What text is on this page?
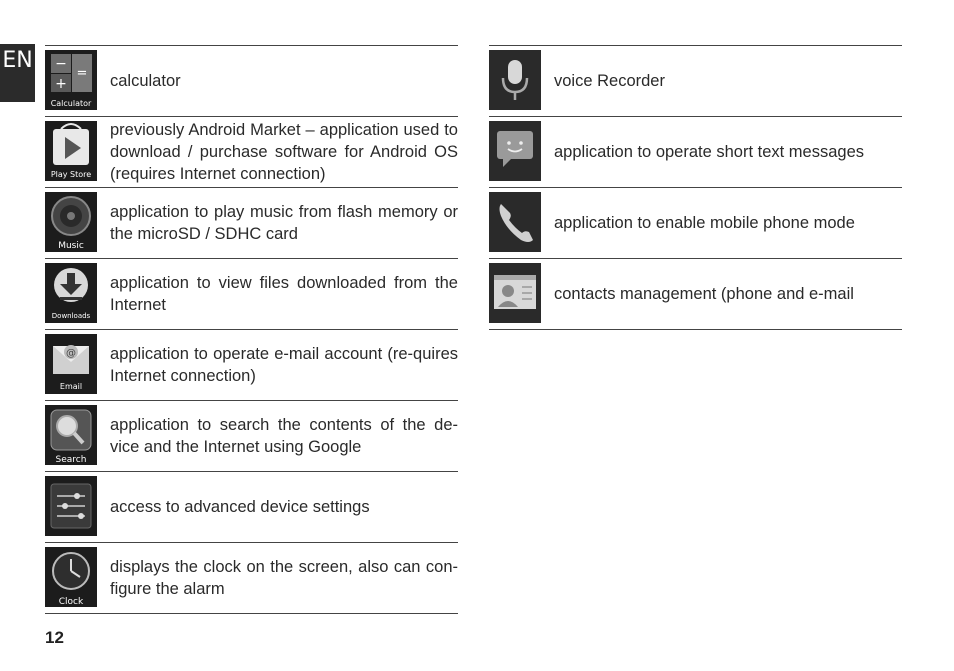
EN −
=
+
Calculator
calculator
Play Store
previously Android Market – application used to download / purchase software for Android OS (requires Internet connection)
Music
application to play music from flash memory or the microSD / SDHC card
Downloads
application to view files downloaded from the Internet
@
Email
application to operate e-mail account (re-quires Internet connection)
Search
application to search the contents of the de-vice and the Internet using Google
access to advanced device settings
Clock
displays the clock on the screen, also can con-figure the alarm
voice Recorder
application to operate short text messages
application to enable mobile phone mode
contacts management (phone and e-mail
12
